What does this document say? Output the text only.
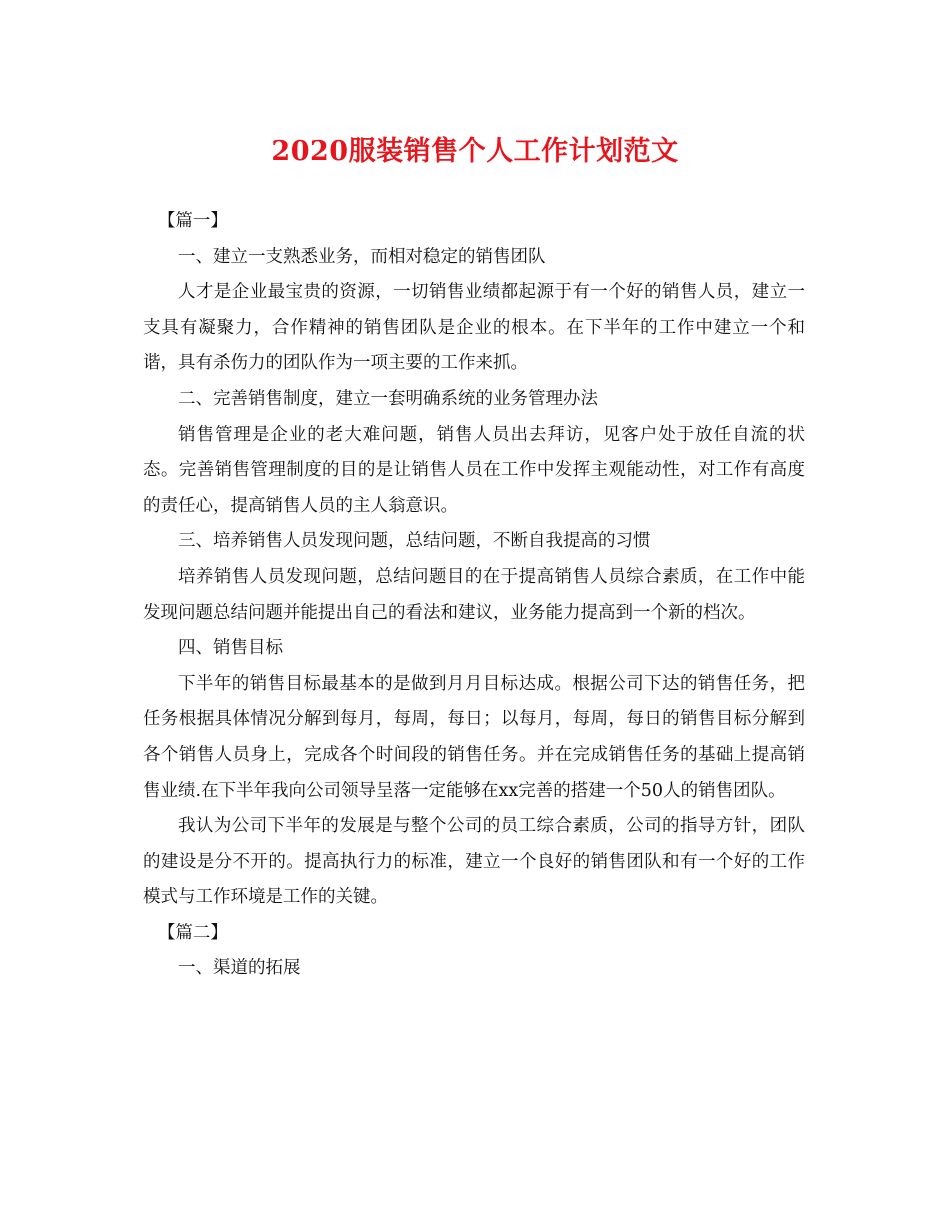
2020服装销售个人工作计划范文

【篇一】

一、建立一支熟悉业务，而相对稳定的销售团队

人才是企业最宝贵的资源，一切销售业绩都起源于有一个好的销售人员，建立一支具有凝聚力，合作精神的销售团队是企业的根本。在下半年的工作中建立一个和谐，具有杀伤力的团队作为一项主要的工作来抓。

二、完善销售制度，建立一套明确系统的业务管理办法

销售管理是企业的老大难问题，销售人员出去拜访，见客户处于放任自流的状态。完善销售管理制度的目的是让销售人员在工作中发挥主观能动性，对工作有高度的责任心，提高销售人员的主人翁意识。

三、培养销售人员发现问题，总结问题，不断自我提高的习惯

培养销售人员发现问题，总结问题目的在于提高销售人员综合素质，在工作中能发现问题总结问题并能提出自己的看法和建议，业务能力提高到一个新的档次。

四、销售目标

下半年的销售目标最基本的是做到月月目标达成。根据公司下达的销售任务，把任务根据具体情况分解到每月，每周，每日；以每月，每周，每日的销售目标分解到各个销售人员身上，完成各个时间段的销售任务。并在完成销售任务的基础上提高销售业绩.在下半年我向公司领导呈落一定能够在xx完善的搭建一个50人的销售团队。

我认为公司下半年的发展是与整个公司的员工综合素质，公司的指导方针，团队的建设是分不开的。提高执行力的标准，建立一个良好的销售团队和有一个好的工作模式与工作环境是工作的关键。

【篇二】

一、渠道的拓展
